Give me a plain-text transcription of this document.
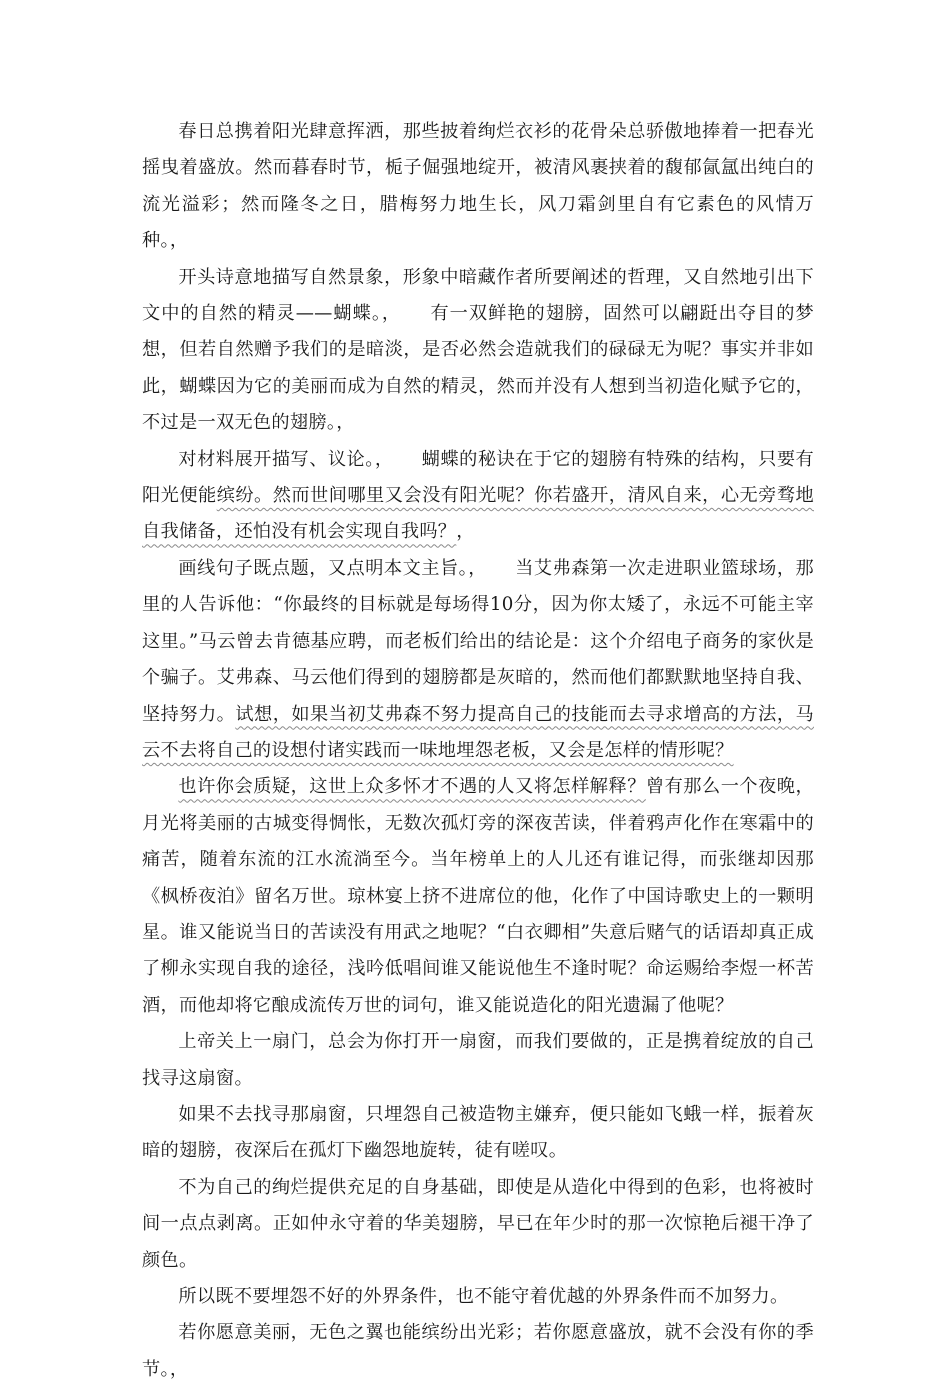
春日总携着阳光肆意挥洒，那些披着绚烂衣衫的花骨朵总骄傲地捧着一把春光摇曳着盛放。然而暮春时节，栀子倔强地绽开，被清风裹挟着的馥郁氤氲出纯白的流光溢彩；然而隆冬之日，腊梅努力地生长，风刀霜剑里自有它素色的风情万种。，

开头诗意地描写自然景象，形象中暗藏作者所要阐述的哲理，又自然地引出下文中的自然的精灵——蝴蝶。，　　有一双鲜艳的翅膀，固然可以翩跹出夺目的梦想，但若自然赠予我们的是暗淡，是否必然会造就我们的碌碌无为呢？事实并非如此，蝴蝶因为它的美丽而成为自然的精灵，然而并没有人想到当初造化赋予它的，不过是一双无色的翅膀。，

对材料展开描写、议论。，　　蝴蝶的秘诀在于它的翅膀有特殊的结构，只要有阳光便能缤纷。然而世间哪里又会没有阳光呢？你若盛开，清风自来，心无旁骛地自我储备，还怕没有机会实现自我吗？，

画线句子既点题，又点明本文主旨。，　　当艾弗森第一次走进职业篮球场，那里的人告诉他：“你最终的目标就是每场得10分，因为你太矮了，永远不可能主宰这里。”马云曾去肯德基应聘，而老板们给出的结论是：这个介绍电子商务的家伙是个骗子。艾弗森、马云他们得到的翅膀都是灰暗的，然而他们都默默地坚持自我、坚持努力。试想，如果当初艾弗森不努力提高自己的技能而去寻求增高的方法，马云不去将自己的设想付诸实践而一味地埋怨老板，又会是怎样的情形呢？

也许你会质疑，这世上众多怀才不遇的人又将怎样解释？曾有那么一个夜晚，月光将美丽的古城变得惆怅，无数次孤灯旁的深夜苦读，伴着鸦声化作在寒霜中的痛苦，随着东流的江水流淌至今。当年榜单上的人儿还有谁记得，而张继却因那《枫桥夜泊》留名万世。琼林宴上挤不进席位的他，化作了中国诗歌史上的一颗明星。谁又能说当日的苦读没有用武之地呢？“白衣卿相”失意后赌气的话语却真正成了柳永实现自我的途径，浅吟低唱间谁又能说他生不逢时呢？命运赐给李煜一杯苦酒，而他却将它酿成流传万世的词句，谁又能说造化的阳光遗漏了他呢？

上帝关上一扇门，总会为你打开一扇窗，而我们要做的，正是携着绽放的自己找寻这扇窗。

如果不去找寻那扇窗，只埋怨自己被造物主嫌弃，便只能如飞蛾一样，振着灰暗的翅膀，夜深后在孤灯下幽怨地旋转，徒有嗟叹。

不为自己的绚烂提供充足的自身基础，即使是从造化中得到的色彩，也将被时间一点点剥离。正如仲永守着的华美翅膀，早已在年少时的那一次惊艳后褪干净了颜色。

所以既不要埋怨不好的外界条件，也不能守着优越的外界条件而不加努力。

若你愿意美丽，无色之翼也能缤纷出光彩；若你愿意盛放，就不会没有你的季节。，
